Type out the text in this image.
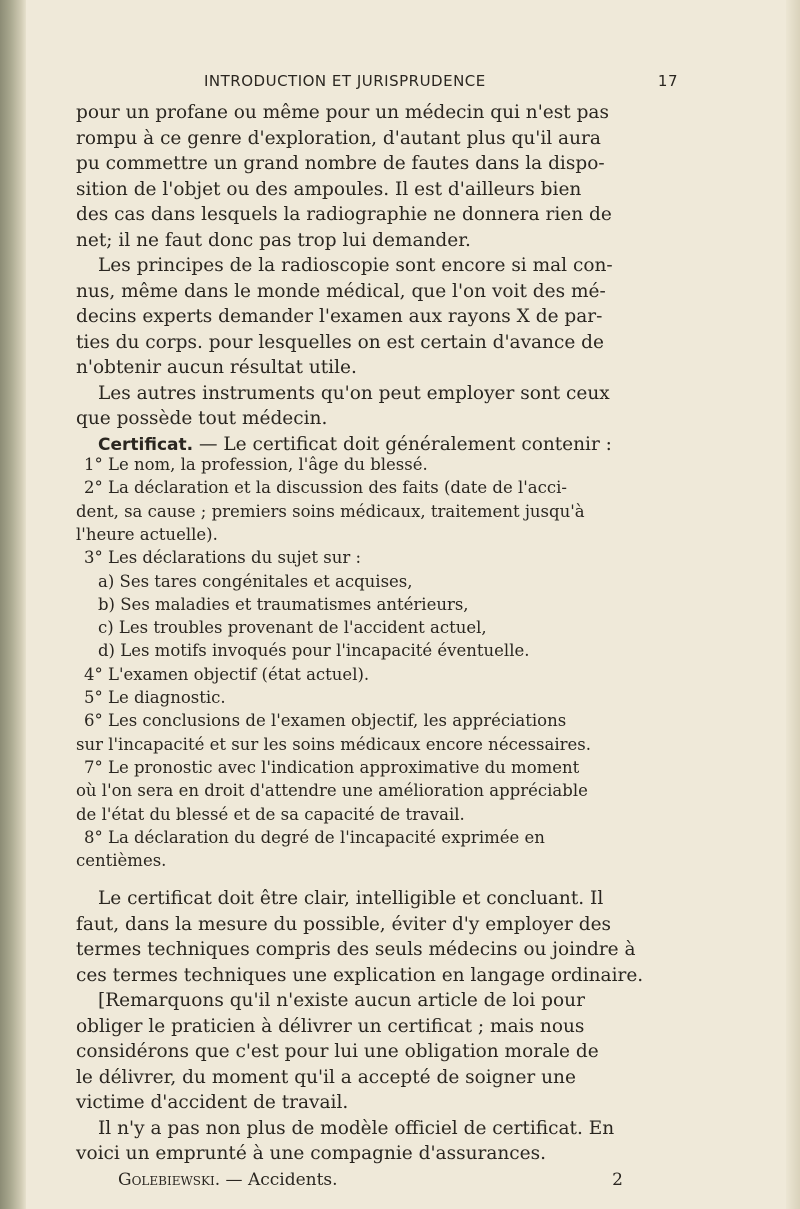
INTRODUCTION ET JURISPRUDENCE	17
pour un profane ou même pour un médecin qui n'est pas
rompu à ce genre d'exploration, d'autant plus qu'il aura
pu commettre un grand nombre de fautes dans la dispo-
sition de l'objet ou des ampoules. Il est d'ailleurs bien
des cas dans lesquels la radiographie ne donnera rien de
net; il ne faut donc pas trop lui demander.
Les principes de la radioscopie sont encore si mal con-
nus, même dans le monde médical, que l'on voit des mé-
decins experts demander l'examen aux rayons X de par-
ties du corps. pour lesquelles on est certain d'avance de
n'obtenir aucun résultat utile.
Les autres instruments qu'on peut employer sont ceux
que possède tout médecin.
Certificat. — Le certificat doit généralement contenir :
1° Le nom, la profession, l'âge du blessé.
2° La déclaration et la discussion des faits (date de l'acci-
dent, sa cause ; premiers soins médicaux, traitement jusqu'à
l'heure actuelle).
3° Les déclarations du sujet sur :
a) Ses tares congénitales et acquises,
b) Ses maladies et traumatismes antérieurs,
c) Les troubles provenant de l'accident actuel,
d) Les motifs invoqués pour l'incapacité éventuelle.
4° L'examen objectif (état actuel).
5° Le diagnostic.
6° Les conclusions de l'examen objectif, les appréciations
sur l'incapacité et sur les soins médicaux encore nécessaires.
7° Le pronostic avec l'indication approximative du moment
où l'on sera en droit d'attendre une amélioration appréciable
de l'état du blessé et de sa capacité de travail.
8° La déclaration du degré de l'incapacité exprimée en
centièmes.
Le certificat doit être clair, intelligible et concluant. Il
faut, dans la mesure du possible, éviter d'y employer des
termes techniques compris des seuls médecins ou joindre à
ces termes techniques une explication en langage ordinaire.
[Remarquons qu'il n'existe aucun article de loi pour
obliger le praticien à délivrer un certificat ; mais nous
considérons que c'est pour lui une obligation morale de
le délivrer, du moment qu'il a accepté de soigner une
victime d'accident de travail.
Il n'y a pas non plus de modèle officiel de certificat. En
voici un emprunté à une compagnie d'assurances.
Golebiewski. — Accidents.	2
